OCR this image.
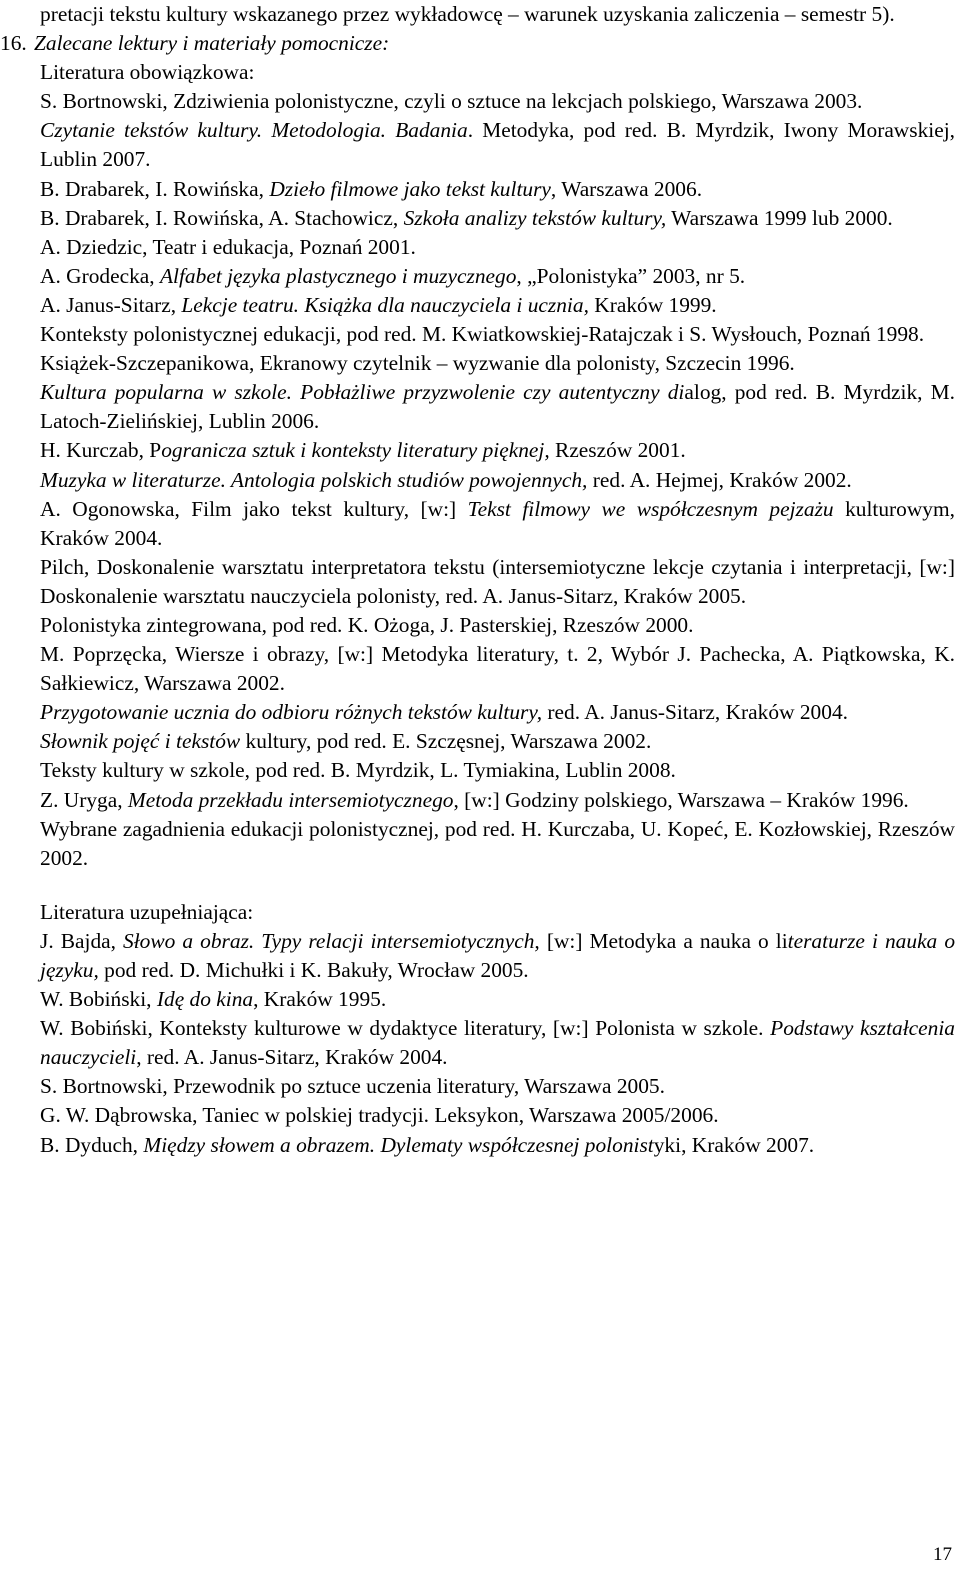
pretacji tekstu kultury wskazanego przez wykładowcę – warunek uzyskania zaliczenia – semestr 5).

16. Zalecane lektury i materiały pomocnicze:

Literatura obowiązkowa:

S. Bortnowski, Zdziwienia polonistyczne, czyli o sztuce na lekcjach polskiego, Warszawa 2003.

Czytanie tekstów kultury. Metodologia. Badania. Metodyka, pod red. B. Myrdzik, Iwony Morawskiej, Lublin 2007.

B. Drabarek, I. Rowińska, Dzieło filmowe jako tekst kultury, Warszawa 2006.

B. Drabarek, I. Rowińska, A. Stachowicz, Szkoła analizy tekstów kultury, Warszawa 1999 lub 2000.

A. Dziedzic, Teatr i edukacja, Poznań 2001.

A. Grodecka, Alfabet języka plastycznego i muzycznego, „Polonistyka” 2003, nr 5.

A. Janus-Sitarz, Lekcje teatru. Książka dla nauczyciela i ucznia, Kraków 1999.

Konteksty polonistycznej edukacji, pod red. M. Kwiatkowskiej-Ratajczak i S. Wysłouch, Poznań 1998.

Książek-Szczepanikowa, Ekranowy czytelnik – wyzwanie dla polonisty, Szczecin 1996.

Kultura popularna w szkole. Pobłażliwe przyzwolenie czy autentyczny dialog, pod red. B. Myrdzik, M. Latoch-Zielińskiej, Lublin 2006.

H. Kurczab, Pogranicza sztuk i konteksty literatury pięknej, Rzeszów 2001.

Muzyka w literaturze. Antologia polskich studiów powojennych, red. A. Hejmej, Kraków 2002.

A. Ogonowska, Film jako tekst kultury, [w:] Tekst filmowy we współczesnym pejzażu kulturowym, Kraków 2004.

Pilch, Doskonalenie warsztatu interpretatora tekstu (intersemiotyczne lekcje czytania i interpretacji, [w:] Doskonalenie warsztatu nauczyciela polonisty, red. A. Janus-Sitarz, Kraków 2005.

Polonistyka zintegrowana, pod red. K. Ożoga, J. Pasterskiej, Rzeszów 2000.

M. Poprzęcka, Wiersze i obrazy, [w:] Metodyka literatury, t. 2, Wybór J. Pachecka, A. Piątkowska, K. Sałkiewicz, Warszawa 2002.

Przygotowanie ucznia do odbioru różnych tekstów kultury, red. A. Janus-Sitarz, Kraków 2004.

Słownik pojęć i tekstów kultury, pod red. E. Szczęsnej, Warszawa 2002.

Teksty kultury w szkole, pod red. B. Myrdzik, L. Tymiakina, Lublin 2008.

Z. Uryga, Metoda przekładu intersemiotycznego, [w:] Godziny polskiego, Warszawa – Kraków 1996.

Wybrane zagadnienia edukacji polonistycznej, pod red. H. Kurczaba, U. Kopeć, E. Kozłowskiej, Rzeszów 2002.

Literatura uzupełniająca:

J. Bajda, Słowo a obraz. Typy relacji intersemiotycznych, [w:] Metodyka a nauka o literaturze i nauka o języku, pod red. D. Michułki i K. Bakuły, Wrocław 2005.

W. Bobiński, Idę do kina, Kraków 1995.

W. Bobiński, Konteksty kulturowe w dydaktyce literatury, [w:] Polonista w szkole. Podstawy kształcenia nauczycieli, red. A. Janus-Sitarz, Kraków 2004.

S. Bortnowski, Przewodnik po sztuce uczenia literatury, Warszawa 2005.

G. W. Dąbrowska, Taniec w polskiej tradycji. Leksykon, Warszawa 2005/2006.

B. Dyduch, Między słowem a obrazem. Dylematy współczesnej polonistyki, Kraków 2007.

17
